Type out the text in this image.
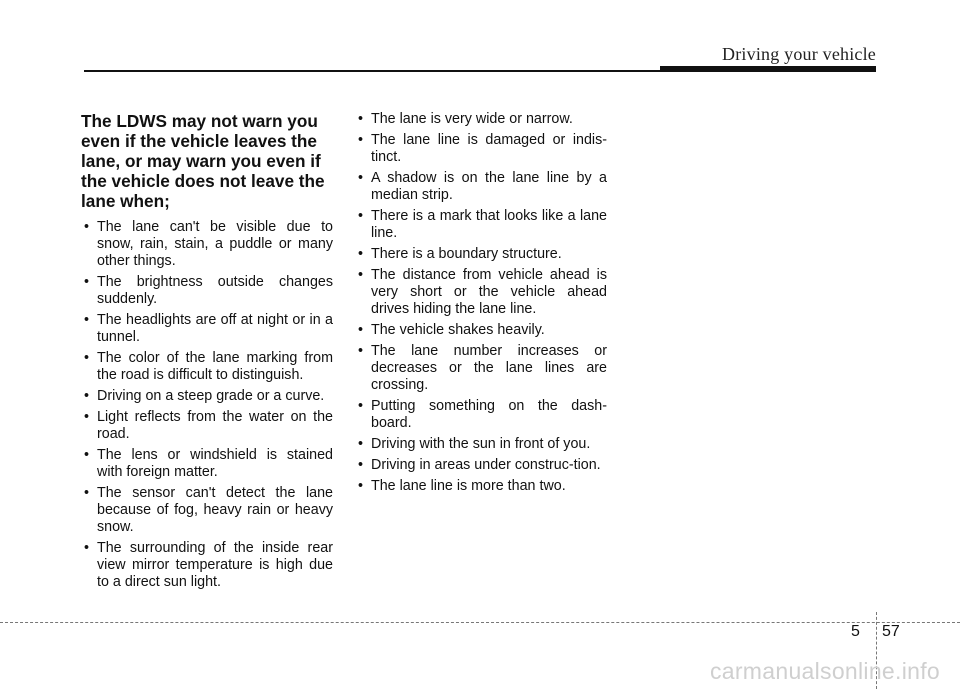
Driving your vehicle
The LDWS may not warn you even if the vehicle leaves the lane, or may warn you even if the vehicle does not leave the lane when;
• The lane can't be visible due to snow, rain, stain, a puddle or many other things.
• The brightness outside changes suddenly.
• The headlights are off at night or in a tunnel.
• The color of the lane marking from the road is difficult to distinguish.
• Driving on a steep grade or a curve.
• Light reflects from the water on the road.
• The lens or windshield is stained with foreign matter.
• The sensor can't detect the lane because of fog, heavy rain or heavy snow.
• The surrounding of the inside rear view mirror temperature is high due to a direct sun light.
• The lane is very wide or narrow.
• The lane line is damaged or indis-tinct.
• A shadow is on the lane line by a median strip.
• There is a mark that looks like a lane line.
• There is a boundary structure.
• The distance from vehicle ahead is very short or the vehicle ahead drives hiding the lane line.
• The vehicle shakes heavily.
• The lane number increases or decreases or the lane lines are crossing.
• Putting something on the dash-board.
• Driving with the sun in front of you.
• Driving in areas under construc-tion.
• The lane line is more than two.
5 57
carmanualsonline.info
